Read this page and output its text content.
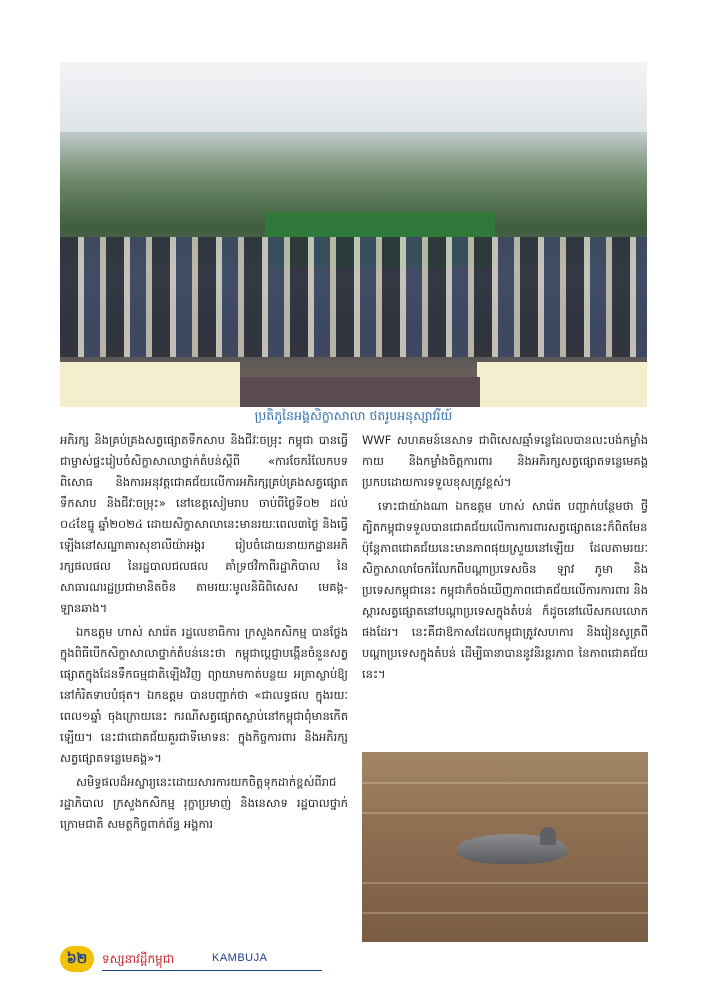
ប្រតិភូនៃអង្គសិក្ខាសាលា ថតរូបអនុស្សាវរីយ៍

អភិរក្ស និងគ្រប់គ្រងសត្វផ្សោតទឹកសាប និងជីវៈចម្រុះ កម្ពុជា បានធ្វើជាម្ចាស់ផ្ទះរៀបចំសិក្ខាសាលាថ្នាក់តំបន់ស្តីពី «ការចែករំលែកបទពិសោធ និងការអនុវត្តជោគជ័យលើការអភិរក្សគ្រប់គ្រងសត្វផ្សោតទឹកសាប និងជីវៈចម្រុះ» នៅខេត្តសៀមរាប ចាប់ពីថ្ងៃទី០២ ដល់ ០៤ខែធ្នូ ឆ្នាំ២០២៤ ដោយសិក្ខាសាលានេះមានរយៈពេល៣ថ្ងៃ និងធ្វើឡើងនៅសណ្ឋាគារសុខាលីយ៉ាអង្គរ រៀបចំដោយនាយកដ្ឋានអភិរក្សផលផល នៃរដ្ឋបាលជលផល គាំទ្រថវិកាពីរដ្ឋាភិបាល នៃសាធារណរដ្ឋប្រជាមានិតចិន តាមរយៈមូលនិធិពិសេស មេគង្គ-ឡានឆាង។

ឯកឧត្តម ហាស់ សារ៉េត រដ្ឋលេខាធិការ ក្រសួងកសិកម្ម បានថ្លែងក្នុងពិធីបើកសិក្ខាសាលាថ្នាក់តំបន់នេះថា កម្ពុជាប្តេជ្ញាបង្កើនចំនួនសត្វផ្សោតក្នុងដែនទឹកធម្មជាតិឡើងវិញ ព្យាយាមកាត់បន្ថយ អត្រាស្លាប់ឱ្យនៅកំរិតទាបបំផុត។ ឯកឧត្តម បានបញ្ជាក់ថា «ជាលទ្ធផល ក្នុងរយៈពេល១ឆ្នាំ ចុងក្រោយនេះ ករណីសត្វផ្សោតស្លាប់នៅកម្ពុជាពុំមានកើតឡើយ។ នេះជាជោគជ័យគួរជាទីមោទនៈ ក្នុងកិច្ចការពារ និងអភិរក្សសត្វផ្សោតទន្លេមេគង្គ»។

សមិទ្ធផលដ៏អស្ចារ្យនេះដោយសារការយកចិត្តទុកដាក់ខ្ពស់ពីរាជរដ្ឋាភិបាល ក្រសួងកសិកម្ម រុក្ខាប្រមាញ់ និងនេសាទ រដ្ឋបាលថ្នាក់ក្រោមជាតិ សមត្ថកិច្ចពាក់ព័ន្ធ អង្គការ

WWF សហគមន៍នេសាទ ជាពិសេសឆ្មាំទន្លេដែលបានលះបង់កម្លាំងកាយ និងកម្លាំងចិត្តការពារ និងអភិរក្សសត្វផ្សោតទន្លេមេគង្គ ប្រកបដោយការទទួលខុសត្រូវខ្ពស់។

ទោះជាយ៉ាងណា ឯកឧត្តម ហាស់ សារ៉េត បញ្ជាក់បន្ថែមថា ថ្វីត្បិតកម្ពុជាទទួលបានជោគជ័យលើការការពារសត្វផ្សោតនេះក៏ពិតមែន ប៉ុន្តែភាពជោគជ័យនេះមានភាពផុយស្រួយនៅឡើយ ដែលតាមរយៈសិក្ខាសាលាចែករំលែកពីបណ្តាប្រទេសចិន ឡាវ ភូមា និងប្រទេសកម្ពុជានេះ កម្ពុជាក៏ចង់ឃើញភាពជោគជ័យលើការការពារ និងស្តារសត្វផ្សោតនៅបណ្តាប្រទេសក្នុងតំបន់ ក៏ដូចនៅលើសកលលោកផងដែរ។ នេះគឺជាឱកាសដែលកម្ពុជាត្រូវសហការ និងរៀនសូត្រពីបណ្តាប្រទេសក្នុងតំបន់ ដើម្បីធានាបាននូវនិរន្តរភាព នៃភាពជោគជ័យនេះ។

៦២	ទស្សនាវដ្តីកម្ពុជា	KAMBUJA
